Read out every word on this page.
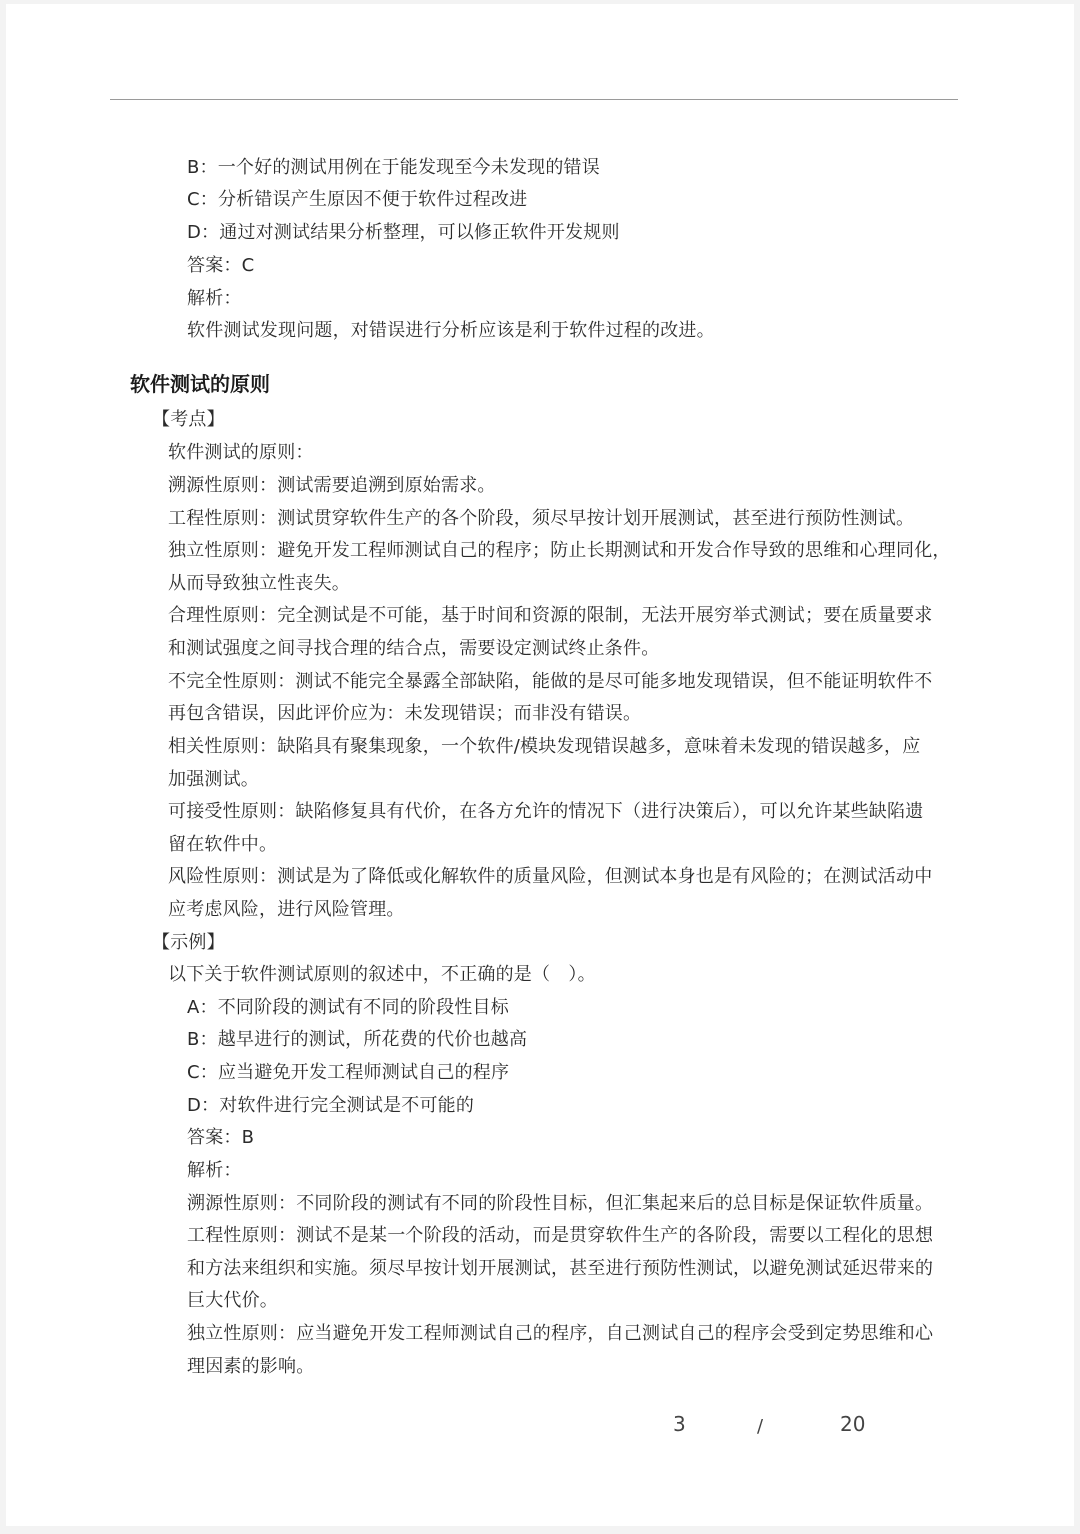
B：一个好的测试用例在于能发现至今未发现的错误
C：分析错误产生原因不便于软件过程改进
D：通过对测试结果分析整理，可以修正软件开发规则
答案：C
解析：
软件测试发现问题，对错误进行分析应该是利于软件过程的改进。
软件测试的原则
【考点】
软件测试的原则：
溯源性原则：测试需要追溯到原始需求。
工程性原则：测试贯穿软件生产的各个阶段，须尽早按计划开展测试，甚至进行预防性测试。
独立性原则：避免开发工程师测试自己的程序；防止长期测试和开发合作导致的思维和心理同化，
从而导致独立性丧失。
合理性原则：完全测试是不可能，基于时间和资源的限制，无法开展穷举式测试；要在质量要求
和测试强度之间寻找合理的结合点，需要设定测试终止条件。
不完全性原则：测试不能完全暴露全部缺陷，能做的是尽可能多地发现错误，但不能证明软件不
再包含错误，因此评价应为：未发现错误；而非没有错误。
相关性原则：缺陷具有聚集现象，一个软件/模块发现错误越多，意味着未发现的错误越多，应
加强测试。
可接受性原则：缺陷修复具有代价，在各方允许的情况下（进行决策后），可以允许某些缺陷遗
留在软件中。
风险性原则：测试是为了降低或化解软件的质量风险，但测试本身也是有风险的；在测试活动中
应考虑风险，进行风险管理。
【示例】
以下关于软件测试原则的叙述中，不正确的是（　）。
A：不同阶段的测试有不同的阶段性目标
B：越早进行的测试，所花费的代价也越高
C：应当避免开发工程师测试自己的程序
D：对软件进行完全测试是不可能的
答案：B
解析：
溯源性原则：不同阶段的测试有不同的阶段性目标，但汇集起来后的总目标是保证软件质量。
工程性原则：测试不是某一个阶段的活动，而是贯穿软件生产的各阶段，需要以工程化的思想
和方法来组织和实施。须尽早按计划开展测试，甚至进行预防性测试，以避免测试延迟带来的
巨大代价。
独立性原则：应当避免开发工程师测试自己的程序，自己测试自己的程序会受到定势思维和心
理因素的影响。
3	/	20
